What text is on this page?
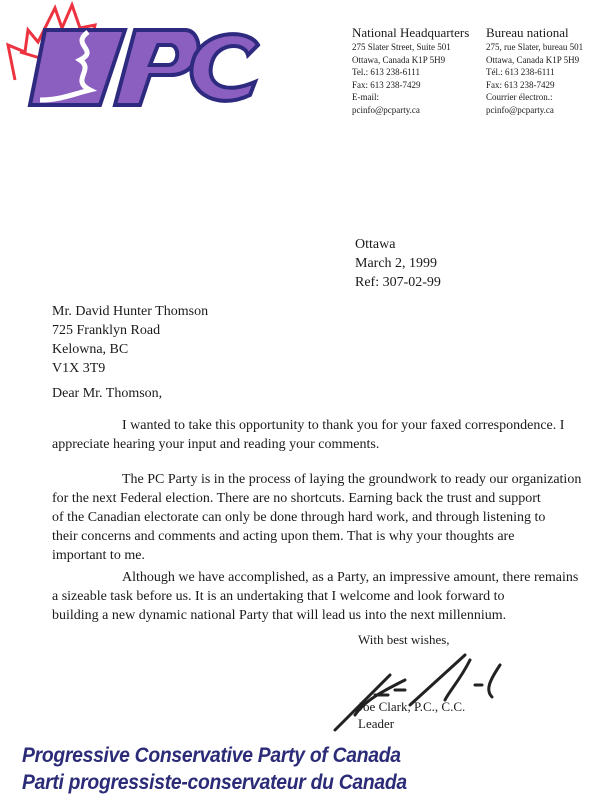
National Headquarters
275 Slater Street, Suite 501
Ottawa, Canada K1P 5H9
Tel.: 613 238-6111
Fax: 613 238-7429
E-mail:
pcinfo@pcparty.ca
Bureau national
275, rue Slater, bureau 501
Ottawa, Canada K1P 5H9
Tél.: 613 238-6111
Fax: 613 238-7429
Courrier électron.:
pcinfo@pcparty.ca
Ottawa
March 2, 1999
Ref: 307-02-99
Mr. David Hunter Thomson
725 Franklyn Road
Kelowna, BC
V1X 3T9
Dear Mr. Thomson,
I wanted to take this opportunity to thank you for your faxed correspondence. I
appreciate hearing your input and reading your comments.
The PC Party is in the process of laying the groundwork to ready our organization
for the next Federal election. There are no shortcuts. Earning back the trust and support
of the Canadian electorate can only be done through hard work, and through listening to
their concerns and comments and acting upon them. That is why your thoughts are
important to me.
Although we have accomplished, as a Party, an impressive amount, there remains
a sizeable task before us. It is an undertaking that I welcome and look forward to
building a new dynamic national Party that will lead us into the next millennium.
With best wishes,
Joe Clark, P.C., C.C.
Leader
Progressive Conservative Party of Canada
Parti progressiste-conservateur du Canada
